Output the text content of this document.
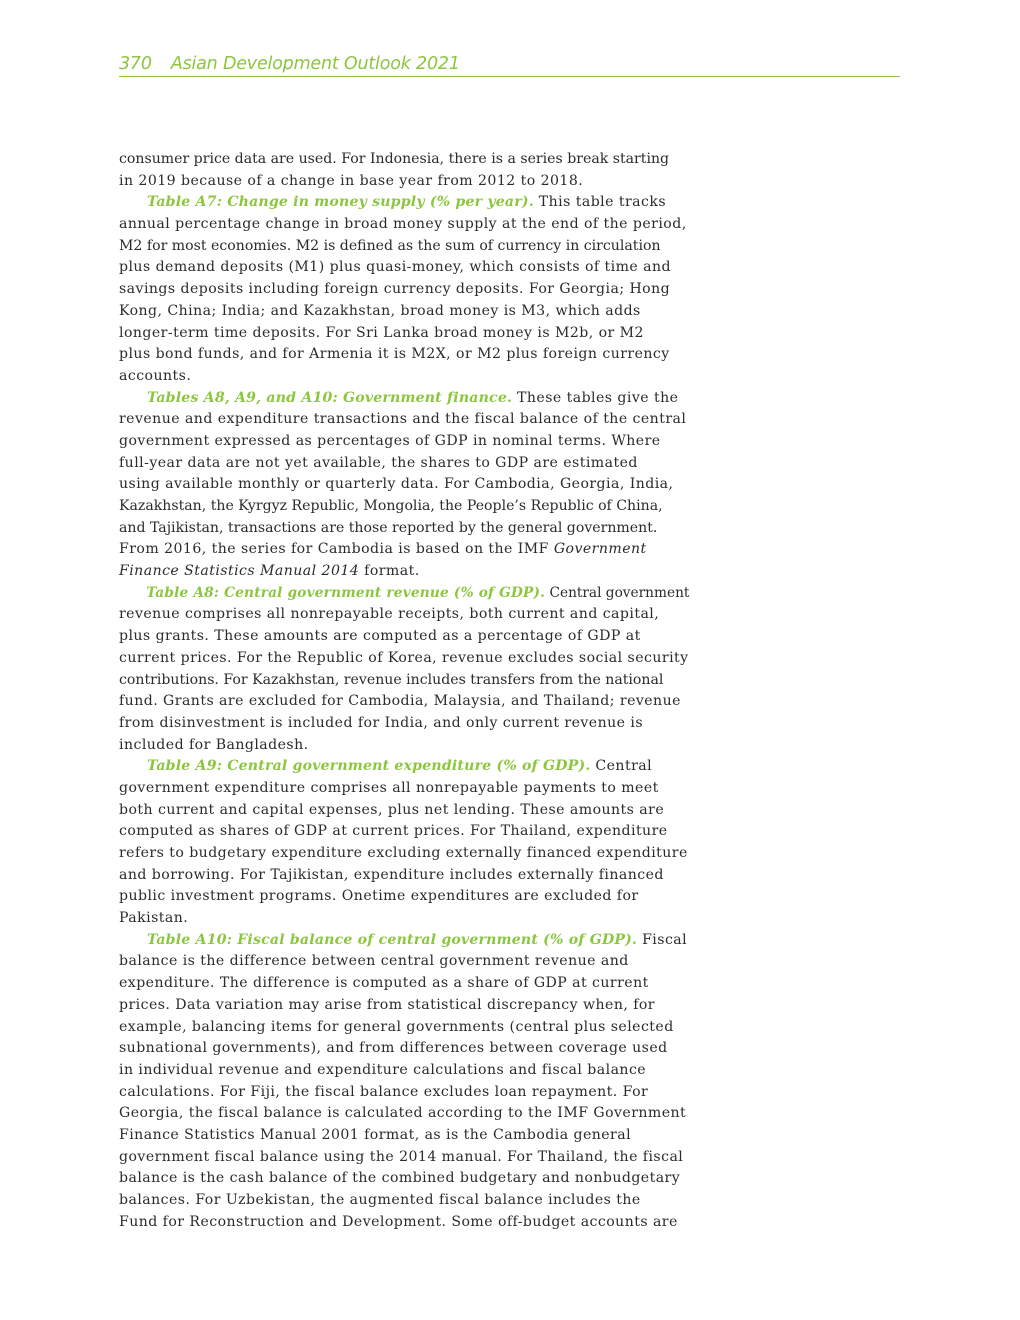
370 Asian Development Outlook 2021
consumer price data are used. For Indonesia, there is a series break starting
in 2019 because of a change in base year from 2012 to 2018.
Table A7: Change in money supply (% per year). This table tracks
annual percentage change in broad money supply at the end of the period,
M2 for most economies. M2 is defined as the sum of currency in circulation
plus demand deposits (M1) plus quasi-money, which consists of time and
savings deposits including foreign currency deposits. For Georgia; Hong
Kong, China; India; and Kazakhstan, broad money is M3, which adds
longer-term time deposits. For Sri Lanka broad money is M2b, or M2
plus bond funds, and for Armenia it is M2X, or M2 plus foreign currency
accounts.
Tables A8, A9, and A10: Government finance. These tables give the
revenue and expenditure transactions and the fiscal balance of the central
government expressed as percentages of GDP in nominal terms. Where
full-year data are not yet available, the shares to GDP are estimated
using available monthly or quarterly data. For Cambodia, Georgia, India,
Kazakhstan, the Kyrgyz Republic, Mongolia, the People’s Republic of China,
and Tajikistan, transactions are those reported by the general government.
From 2016, the series for Cambodia is based on the IMF Government
Finance Statistics Manual 2014 format.
Table A8: Central government revenue (% of GDP). Central government
revenue comprises all nonrepayable receipts, both current and capital,
plus grants. These amounts are computed as a percentage of GDP at
current prices. For the Republic of Korea, revenue excludes social security
contributions. For Kazakhstan, revenue includes transfers from the national
fund. Grants are excluded for Cambodia, Malaysia, and Thailand; revenue
from disinvestment is included for India, and only current revenue is
included for Bangladesh.
Table A9: Central government expenditure (% of GDP). Central
government expenditure comprises all nonrepayable payments to meet
both current and capital expenses, plus net lending. These amounts are
computed as shares of GDP at current prices. For Thailand, expenditure
refers to budgetary expenditure excluding externally financed expenditure
and borrowing. For Tajikistan, expenditure includes externally financed
public investment programs. Onetime expenditures are excluded for
Pakistan.
Table A10: Fiscal balance of central government (% of GDP). Fiscal
balance is the difference between central government revenue and
expenditure. The difference is computed as a share of GDP at current
prices. Data variation may arise from statistical discrepancy when, for
example, balancing items for general governments (central plus selected
subnational governments), and from differences between coverage used
in individual revenue and expenditure calculations and fiscal balance
calculations. For Fiji, the fiscal balance excludes loan repayment. For
Georgia, the fiscal balance is calculated according to the IMF Government
Finance Statistics Manual 2001 format, as is the Cambodia general
government fiscal balance using the 2014 manual. For Thailand, the fiscal
balance is the cash balance of the combined budgetary and nonbudgetary
balances. For Uzbekistan, the augmented fiscal balance includes the
Fund for Reconstruction and Development. Some off-budget accounts are
